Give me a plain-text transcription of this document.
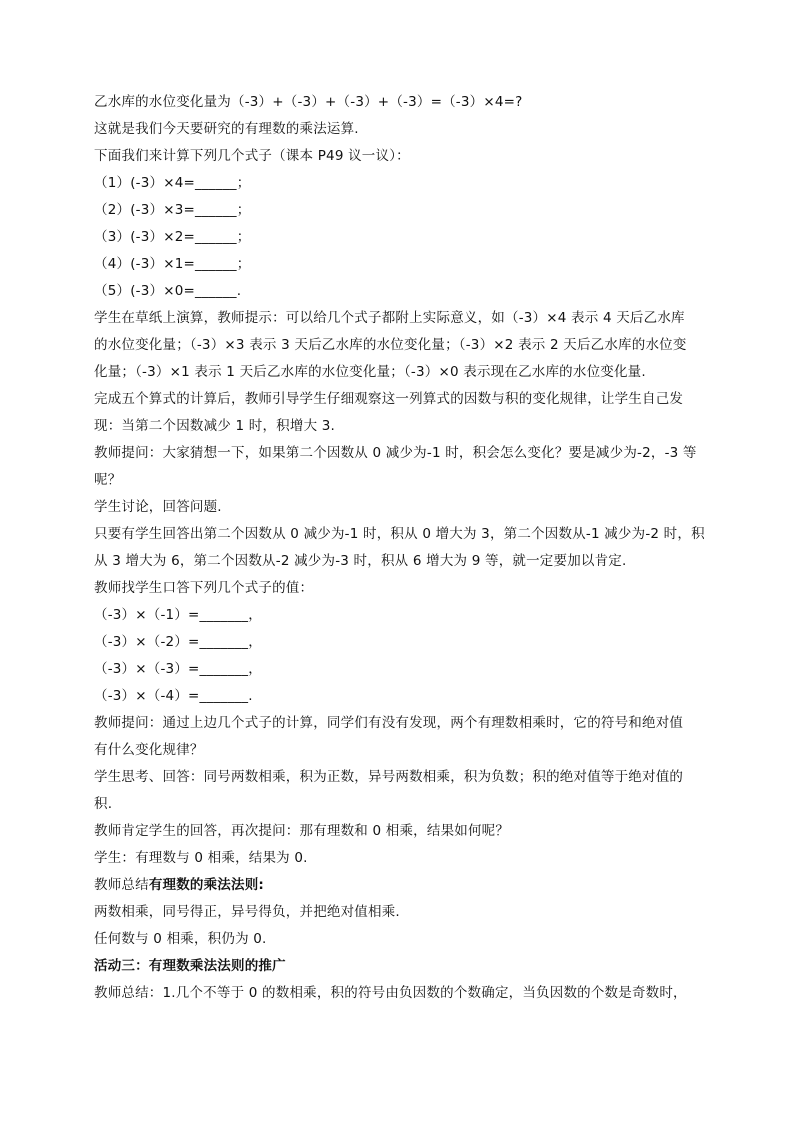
乙水库的水位变化量为（-3）+（-3）+（-3）+（-3）=（-3）×4=?
这就是我们今天要研究的有理数的乘法运算.
下面我们来计算下列几个式子（课本 P49 议一议）：
（1）(-3）×4=______；
（2）(-3）×3=______；
（3）(-3）×2=______；
（4）(-3）×1=______；
（5）(-3）×0=______.
学生在草纸上演算，教师提示：可以给几个式子都附上实际意义，如（-3）×4 表示 4 天后乙水库
的水位变化量；（-3）×3 表示 3 天后乙水库的水位变化量；（-3）×2 表示 2 天后乙水库的水位变
化量；（-3）×1 表示 1 天后乙水库的水位变化量；（-3）×0 表示现在乙水库的水位变化量.
完成五个算式的计算后，教师引导学生仔细观察这一列算式的因数与积的变化规律，让学生自己发
现：当第二个因数减少 1 时，积增大 3.
教师提问：大家猜想一下，如果第二个因数从 0 减少为-1 时，积会怎么变化？要是减少为-2，-3 等
呢？
学生讨论，回答问题.
只要有学生回答出第二个因数从 0 减少为-1 时，积从 0 增大为 3，第二个因数从-1 减少为-2 时，积
从 3 增大为 6，第二个因数从-2 减少为-3 时，积从 6 增大为 9 等，就一定要加以肯定.
教师找学生口答下列几个式子的值：
（-3）×（-1）=_______，
（-3）×（-2）=_______，
（-3）×（-3）=_______，
（-3）×（-4）=_______.
教师提问：通过上边几个式子的计算，同学们有没有发现，两个有理数相乘时，它的符号和绝对值
有什么变化规律？
学生思考、回答：同号两数相乘，积为正数，异号两数相乘，积为负数；积的绝对值等于绝对值的
积.
教师肯定学生的回答，再次提问：那有理数和 0 相乘，结果如何呢？
学生：有理数与 0 相乘，结果为 0.
教师总结有理数的乘法法则:
两数相乘，同号得正，异号得负，并把绝对值相乘.
任何数与 0 相乘，积仍为 0.
活动三：有理数乘法法则的推广
教师总结：1.几个不等于 0 的数相乘，积的符号由负因数的个数确定，当负因数的个数是奇数时，
